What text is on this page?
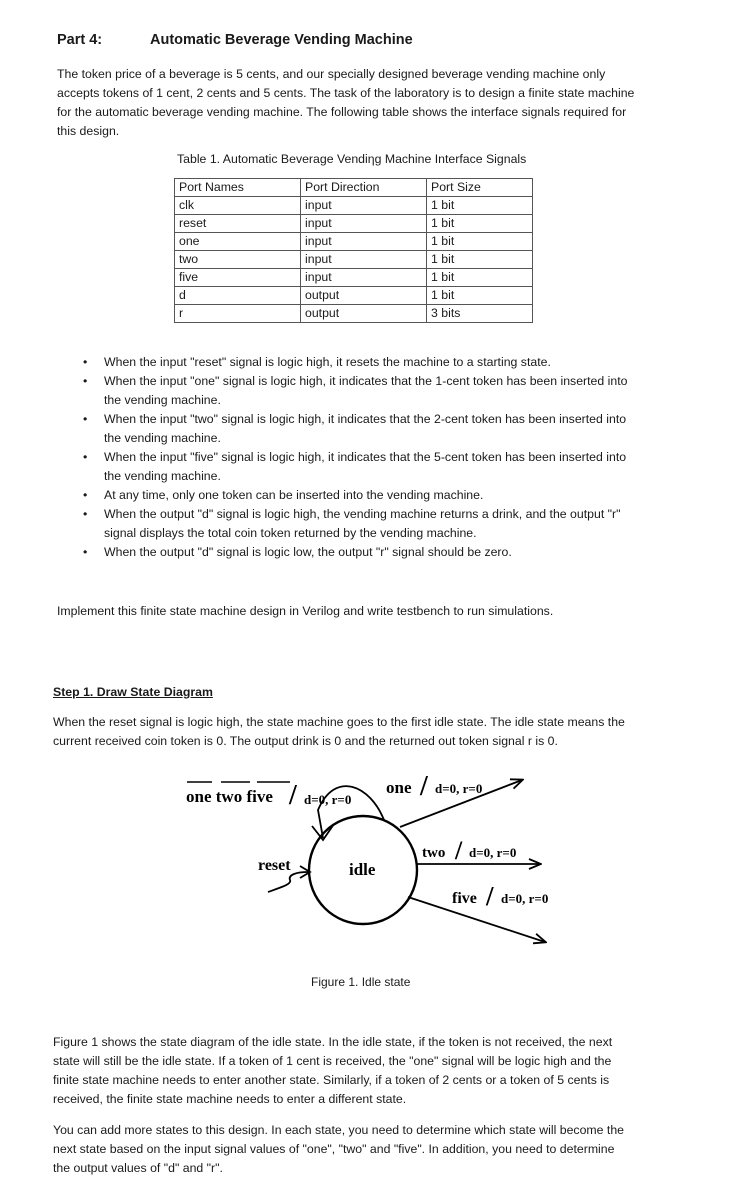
Part 4:	Automatic Beverage Vending Machine
The token price of a beverage is 5 cents, and our specially designed beverage vending machine only
accepts tokens of 1 cent, 2 cents and 5 cents. The task of the laboratory is to design a finite state machine
for the automatic beverage vending machine. The following table shows the interface signals required for
this design.
Table 1. Automatic Beverage Vendiηg Machine Interface Signals
Port Names	Port Direction	Port Size
clk	input	1 bit
reset	input	1 bit
one	input	1 bit
two	input	1 bit
five	input	1 bit
d	output	1 bit
r	output	3 bits
• When the input "reset" signal is logic high, it resets the machine to a starting state.
• When the input "one" signal is logic high, it indicates that the 1-cent token has been inserted into
the vending machine.
• When the input "two" signal is logic high, it indicates that the 2-cent token has been inserted into
the vending machine.
• When the input "five" signal is logic high, it indicates that the 5-cent token has been inserted into
the vending machine.
• At any time, only one token can be inserted into the vending machine.
• When the output "d" signal is logic high, the vending machine returns a drink, and the output "r"
signal displays the total coin token returned by the vending machine.
• When the output "d" signal is logic low, the output "r" signal should be zero.
Implement this finite state machine design in Verilog and write testbench to run simulations.
Step 1. Draw State Diagram
When the reset signal is logic high, the state machine goes to the first idle state. The idle state means the
current received coin token is 0. The output drink is 0 and the returned out token signal r is 0.
one two five / d=0, r=0
idle
reset
one / d=0, r=0
two / d=0, r=0
five / d=0, r=0
Figure 1. Idle state
Figure 1 shows the state diagram of the idle state. In the idle state, if the token is not received, the next
state will still be the idle state. If a token of 1 cent is received, the "one" signal will be logic high and the
finite state machine needs to enter another state. Similarly, if a token of 2 cents or a token of 5 cents is
received, the finite state machine needs to enter a different state.
You can add more states to this design. In each state, you need to determine which state will become the
next state based on the input signal values of "one", "two" and "five". In addition, you need to determine
the output values of "d" and "r".
